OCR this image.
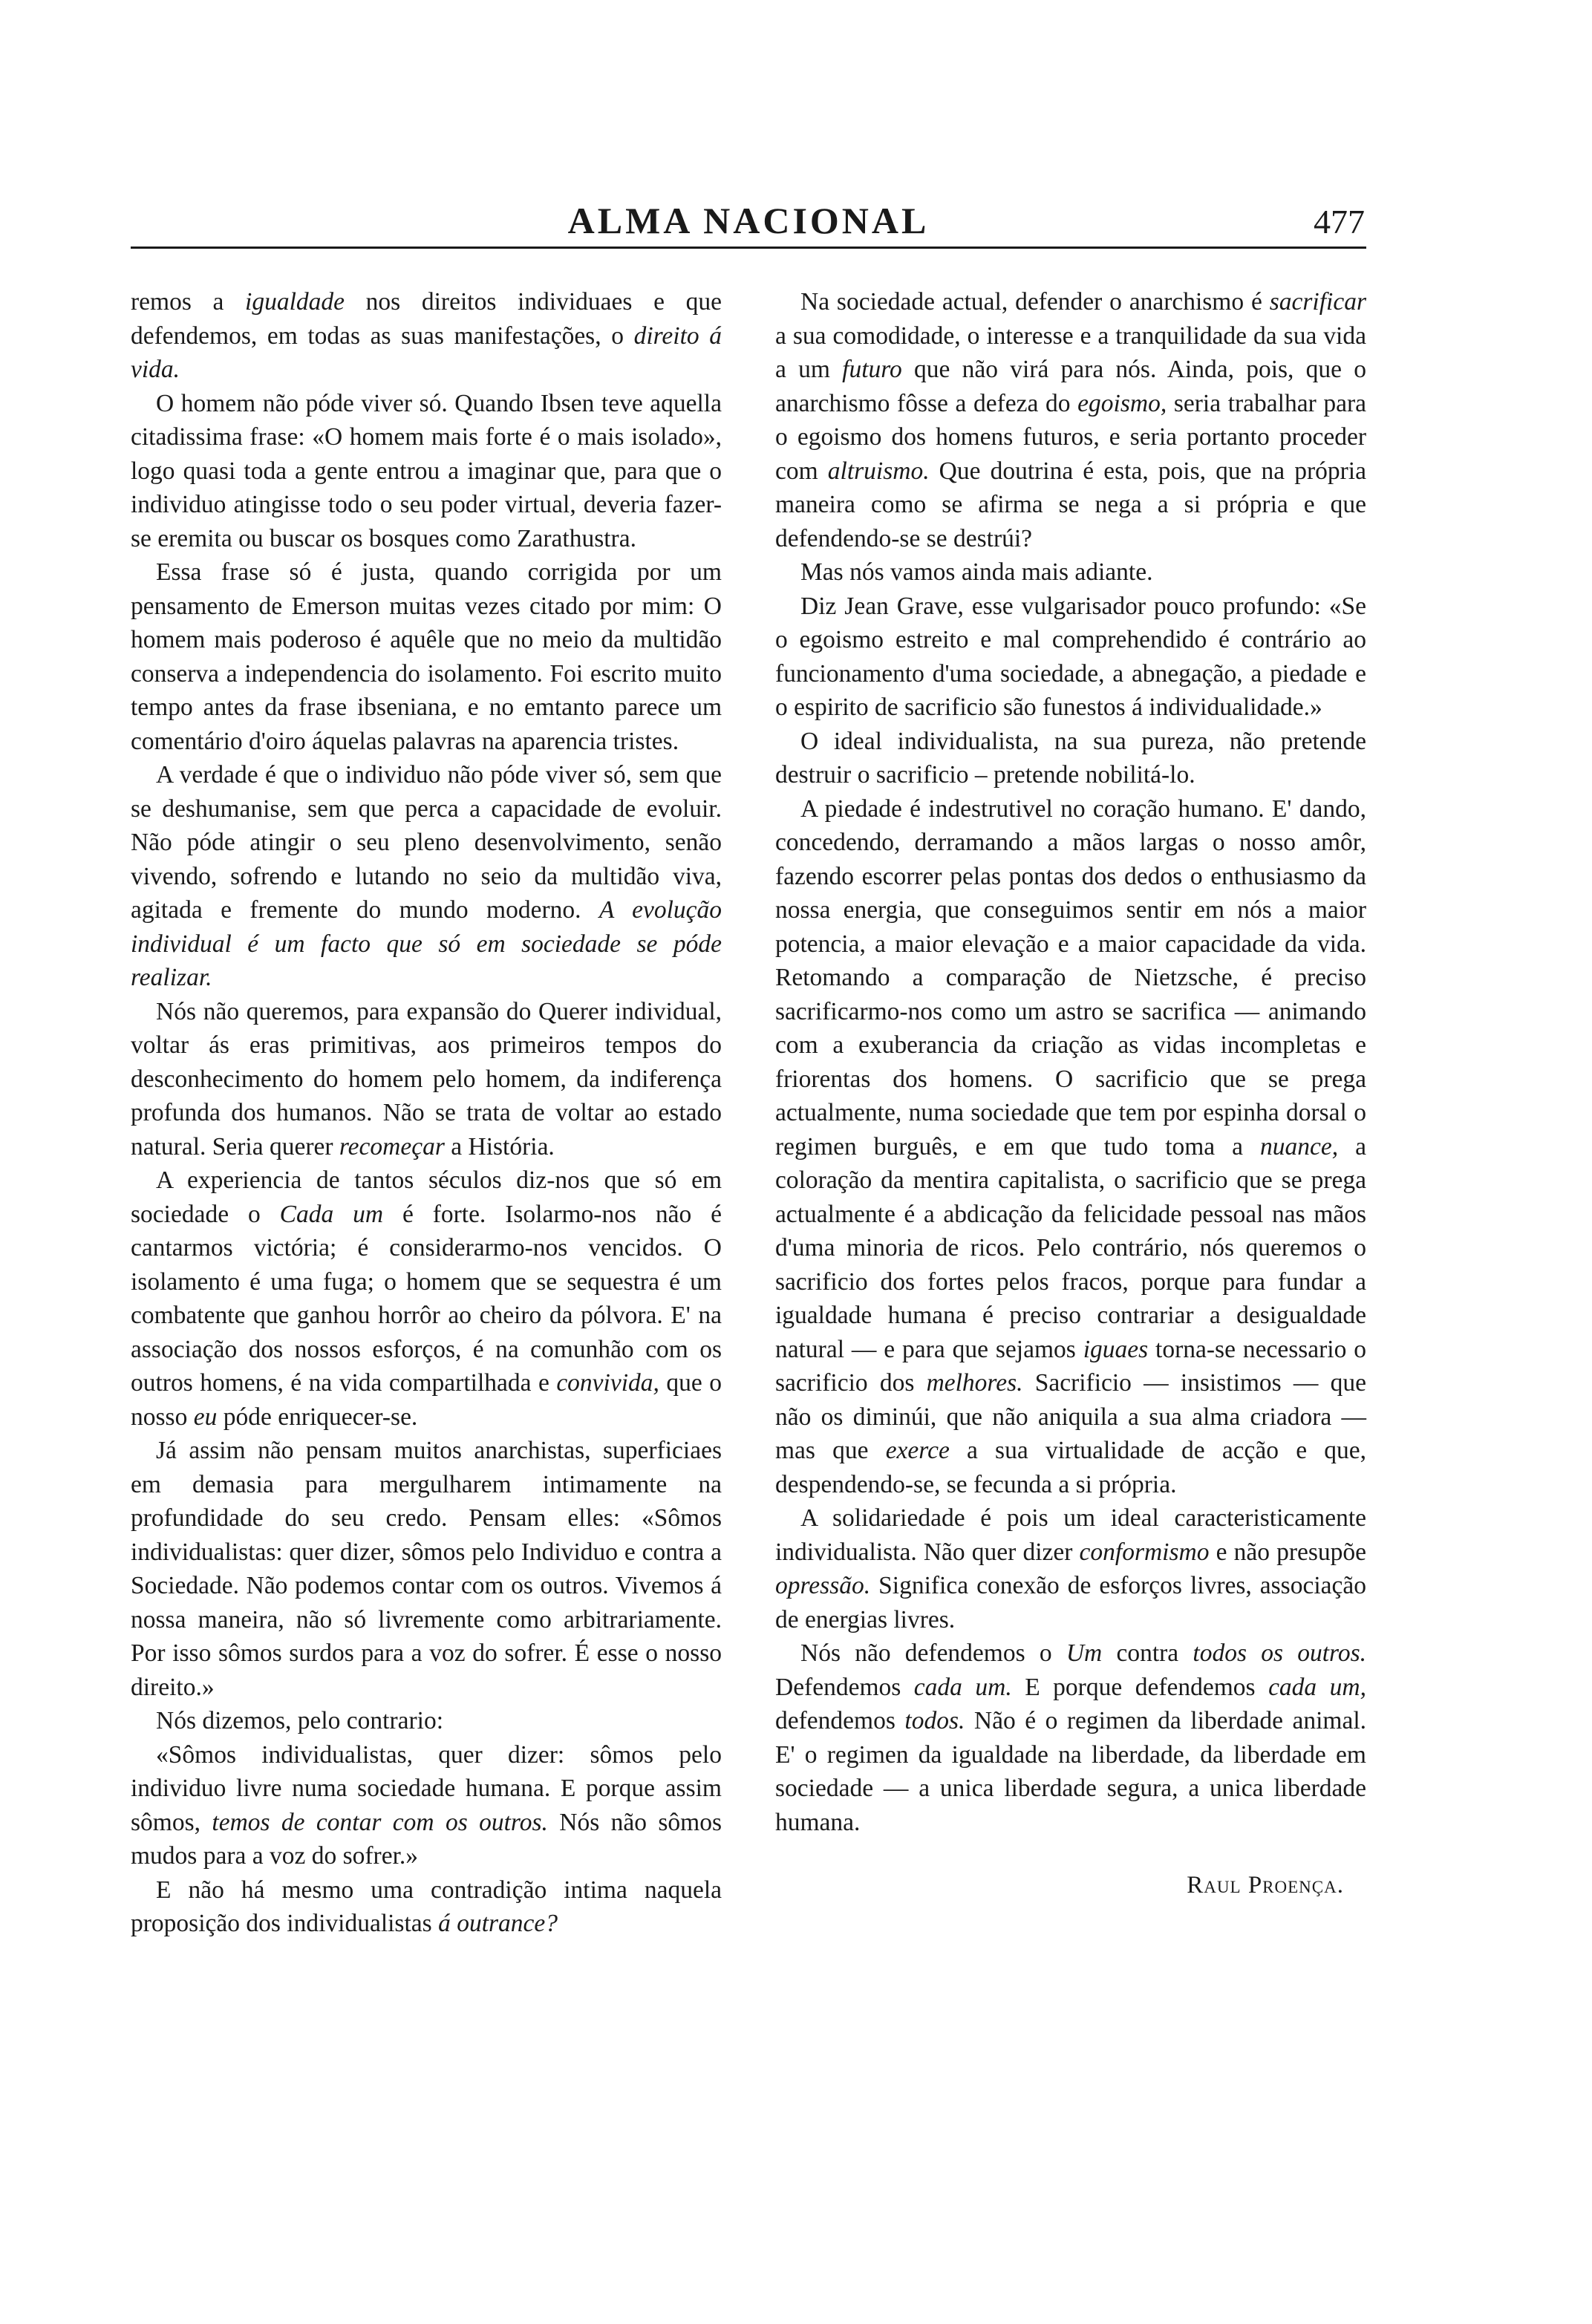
ALMA NACIONAL	477

remos a igualdade nos direitos individuaes e que defendemos, em todas as suas manifestações, o direito á vida.

O homem não póde viver só. Quando Ibsen teve aquella citadissima frase: «O homem mais forte é o mais isolado», logo quasi toda a gente entrou a imaginar que, para que o individuo atingisse todo o seu poder virtual, deveria fazer-se eremita ou buscar os bosques como Zarathustra.

Essa frase só é justa, quando corrigida por um pensamento de Emerson muitas vezes citado por mim: O homem mais poderoso é aquêle que no meio da multidão conserva a independencia do isolamento. Foi escrito muito tempo antes da frase ibseniana, e no emtanto parece um comentário d'oiro áquelas palavras na aparencia tristes.

A verdade é que o individuo não póde viver só, sem que se deshumanise, sem que perca a capacidade de evoluir. Não póde atingir o seu pleno desenvolvimento, senão vivendo, sofrendo e lutando no seio da multidão viva, agitada e fremente do mundo moderno. A evolução individual é um facto que só em sociedade se póde realizar.

Nós não queremos, para expansão do Querer individual, voltar ás eras primitivas, aos primeiros tempos do desconhecimento do homem pelo homem, da indiferença profunda dos humanos. Não se trata de voltar ao estado natural. Seria querer recomeçar a História.

A experiencia de tantos séculos diz-nos que só em sociedade o Cada um é forte. Isolarmo-nos não é cantarmos victória; é considerarmo-nos vencidos. O isolamento é uma fuga; o homem que se sequestra é um combatente que ganhou horrôr ao cheiro da pólvora. E' na associação dos nossos esforços, é na comunhão com os outros homens, é na vida compartilhada e convivida, que o nosso eu póde enriquecer-se.

Já assim não pensam muitos anarchistas, superficiaes em demasia para mergulharem intimamente na profundidade do seu credo. Pensam elles: «Sômos individualistas: quer dizer, sômos pelo Individuo e contra a Sociedade. Não podemos contar com os outros. Vivemos á nossa maneira, não só livremente como arbitrariamente. Por isso sômos surdos para a voz do sofrer. É esse o nosso direito.»

Nós dizemos, pelo contrario:

«Sômos individualistas, quer dizer: sômos pelo individuo livre numa sociedade humana. E porque assim sômos, temos de contar com os outros. Nós não sômos mudos para a voz do sofrer.»

E não há mesmo uma contradição intima naquela proposição dos individualistas á outrance?

Na sociedade actual, defender o anarchismo é sacrificar a sua comodidade, o interesse e a tranquilidade da sua vida a um futuro que não virá para nós. Ainda, pois, que o anarchismo fôsse a defeza do egoismo, seria trabalhar para o egoismo dos homens futuros, e seria portanto proceder com altruismo. Que doutrina é esta, pois, que na própria maneira como se afirma se nega a si própria e que defendendo-se se destrúi?

Mas nós vamos ainda mais adiante.

Diz Jean Grave, esse vulgarisador pouco profundo: «Se o egoismo estreito e mal comprehendido é contrário ao funcionamento d'uma sociedade, a abnegação, a piedade e o espirito de sacrificio são funestos á individualidade.»

O ideal individualista, na sua pureza, não pretende destruir o sacrificio – pretende nobilitá-lo.

A piedade é indestrutivel no coração humano. E' dando, concedendo, derramando a mãos largas o nosso amôr, fazendo escorrer pelas pontas dos dedos o enthusiasmo da nossa energia, que conseguimos sentir em nós a maior potencia, a maior elevação e a maior capacidade da vida. Retomando a comparação de Nietzsche, é preciso sacrificarmo-nos como um astro se sacrifica — animando com a exuberancia da criação as vidas incompletas e friorentas dos homens. O sacrificio que se prega actualmente, numa sociedade que tem por espinha dorsal o regimen burguês, e em que tudo toma a nuance, a coloração da mentira capitalista, o sacrificio que se prega actualmente é a abdicação da felicidade pessoal nas mãos d'uma minoria de ricos. Pelo contrário, nós queremos o sacrificio dos fortes pelos fracos, porque para fundar a igualdade humana é preciso contrariar a desigualdade natural — e para que sejamos iguaes torna-se necessario o sacrificio dos melhores. Sacrificio — insistimos — que não os diminúi, que não aniquila a sua alma criadora — mas que exerce a sua virtualidade de acção e que, despendendo-se, se fecunda a si própria.

A solidariedade é pois um ideal caracteristicamente individualista. Não quer dizer conformismo e não presupõe opressão. Significa conexão de esforços livres, associação de energias livres.

Nós não defendemos o Um contra todos os outros. Defendemos cada um. E porque defendemos cada um, defendemos todos. Não é o regimen da liberdade animal. E' o regimen da igualdade na liberdade, da liberdade em sociedade — a unica liberdade segura, a unica liberdade humana.

Raul Proença.
